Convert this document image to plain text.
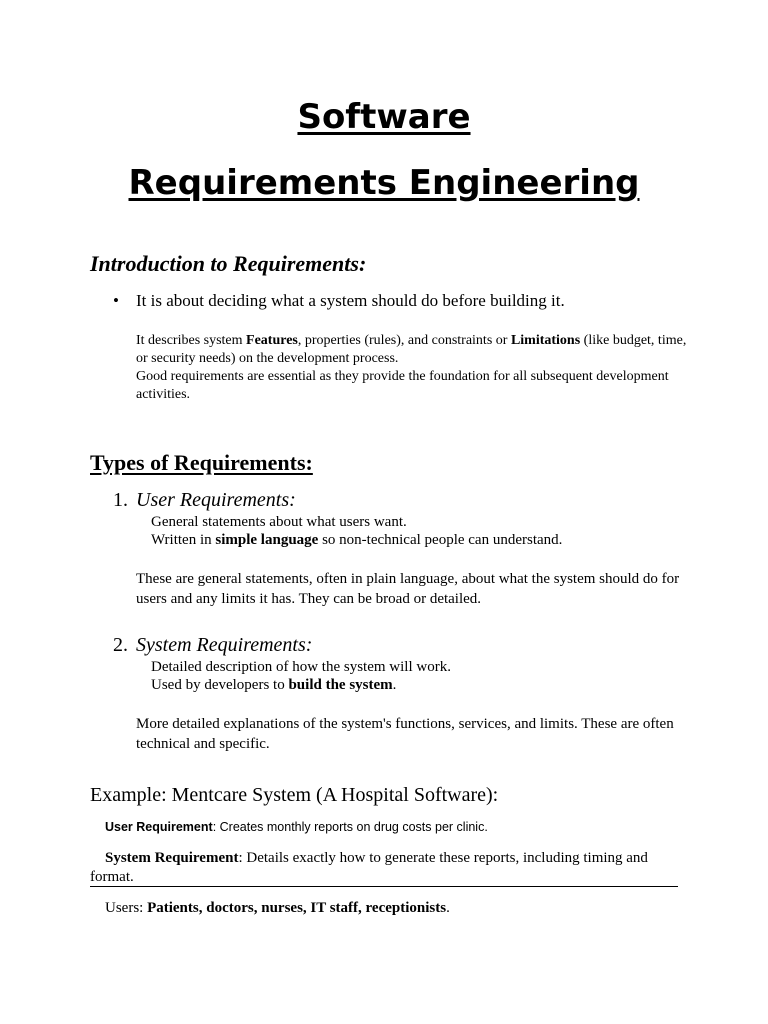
Software
Requirements Engineering
Introduction to Requirements:
• It is about deciding what a system should do before building it.

It describes system Features, properties (rules), and constraints or Limitations (like budget, time, or security needs) on the development process.
Good requirements are essential as they provide the foundation for all subsequent development activities.
Types of Requirements:
1. User Requirements:
General statements about what users want.
Written in simple language so non-technical people can understand.

These are general statements, often in plain language, about what the system should do for users and any limits it has. They can be broad or detailed.

2. System Requirements:
Detailed description of how the system will work.
Used by developers to build the system.

More detailed explanations of the system's functions, services, and limits. These are often technical and specific.

Example: Mentcare System (A Hospital Software):
User Requirement: Creates monthly reports on drug costs per clinic.
System Requirement: Details exactly how to generate these reports, including timing and format.
Users: Patients, doctors, nurses, IT staff, receptionists.
